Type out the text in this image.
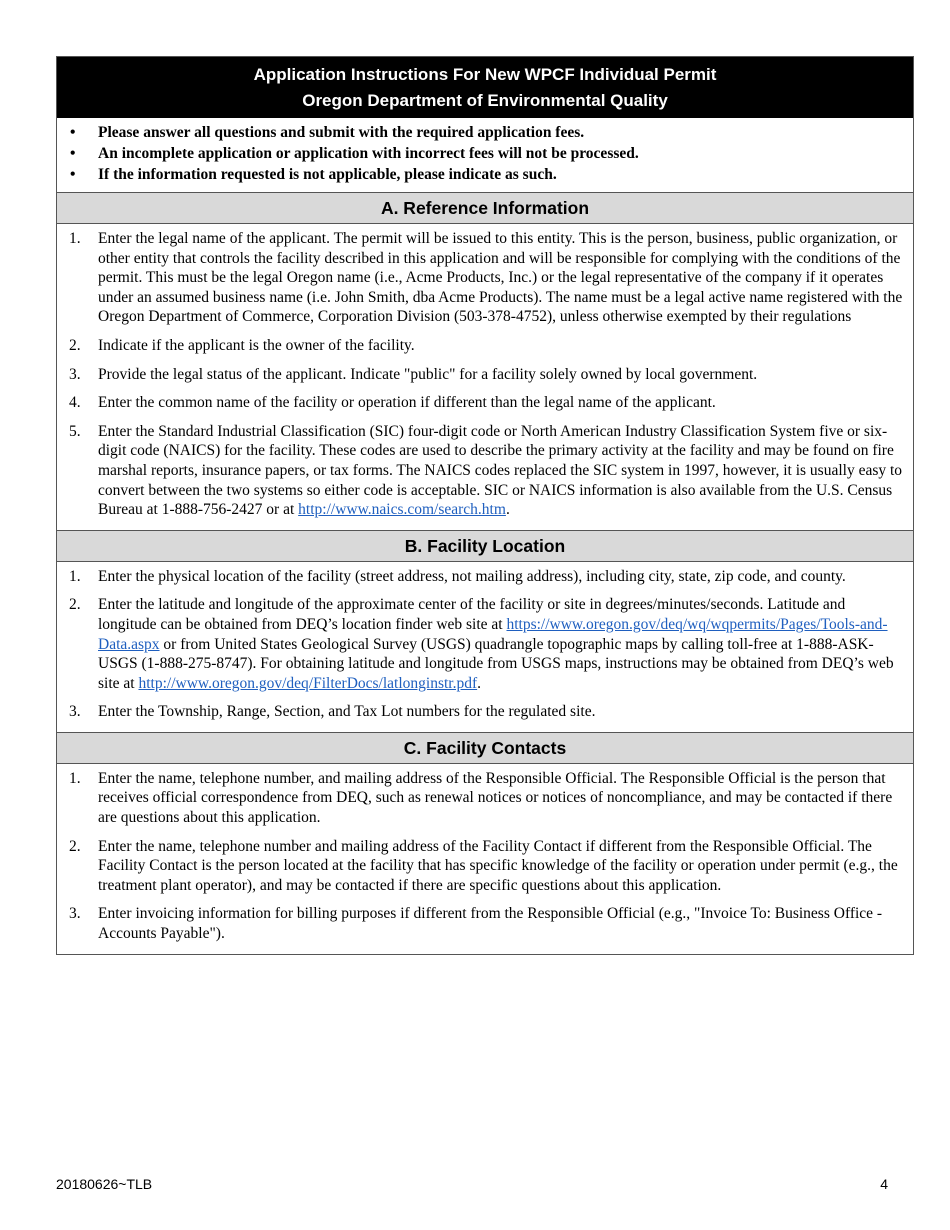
Application Instructions For New WPCF Individual Permit
Oregon Department of Environmental Quality
• Please answer all questions and submit with the required application fees.
• An incomplete application or application with incorrect fees will not be processed.
• If the information requested is not applicable, please indicate as such.
A. Reference Information
1. Enter the legal name of the applicant. The permit will be issued to this entity. This is the person, business, public organization, or other entity that controls the facility described in this application and will be responsible for complying with the conditions of the permit. This must be the legal Oregon name (i.e., Acme Products, Inc.) or the legal representative of the company if it operates under an assumed business name (i.e. John Smith, dba Acme Products). The name must be a legal active name registered with the Oregon Department of Commerce, Corporation Division (503-378-4752), unless otherwise exempted by their regulations
2. Indicate if the applicant is the owner of the facility.
3. Provide the legal status of the applicant. Indicate "public" for a facility solely owned by local government.
4. Enter the common name of the facility or operation if different than the legal name of the applicant.
5. Enter the Standard Industrial Classification (SIC) four-digit code or North American Industry Classification System five or six-digit code (NAICS) for the facility. These codes are used to describe the primary activity at the facility and may be found on fire marshal reports, insurance papers, or tax forms. The NAICS codes replaced the SIC system in 1997, however, it is usually easy to convert between the two systems so either code is acceptable. SIC or NAICS information is also available from the U.S. Census Bureau at 1-888-756-2427 or at http://www.naics.com/search.htm.
B. Facility Location
1. Enter the physical location of the facility (street address, not mailing address), including city, state, zip code, and county.
2. Enter the latitude and longitude of the approximate center of the facility or site in degrees/minutes/seconds. Latitude and longitude can be obtained from DEQ’s location finder web site at https://www.oregon.gov/deq/wq/wqpermits/Pages/Tools-and-Data.aspx or from United States Geological Survey (USGS) quadrangle topographic maps by calling toll-free at 1-888-ASK-USGS (1-888-275-8747). For obtaining latitude and longitude from USGS maps, instructions may be obtained from DEQ’s web site at http://www.oregon.gov/deq/FilterDocs/latlonginstr.pdf.
3. Enter the Township, Range, Section, and Tax Lot numbers for the regulated site.
C. Facility Contacts
1. Enter the name, telephone number, and mailing address of the Responsible Official. The Responsible Official is the person that receives official correspondence from DEQ, such as renewal notices or notices of noncompliance, and may be contacted if there are questions about this application.
2. Enter the name, telephone number and mailing address of the Facility Contact if different from the Responsible Official. The Facility Contact is the person located at the facility that has specific knowledge of the facility or operation under permit (e.g., the treatment plant operator), and may be contacted if there are specific questions about this application.
3. Enter invoicing information for billing purposes if different from the Responsible Official (e.g., "Invoice To: Business Office - Accounts Payable").
20180626~TLB	4
